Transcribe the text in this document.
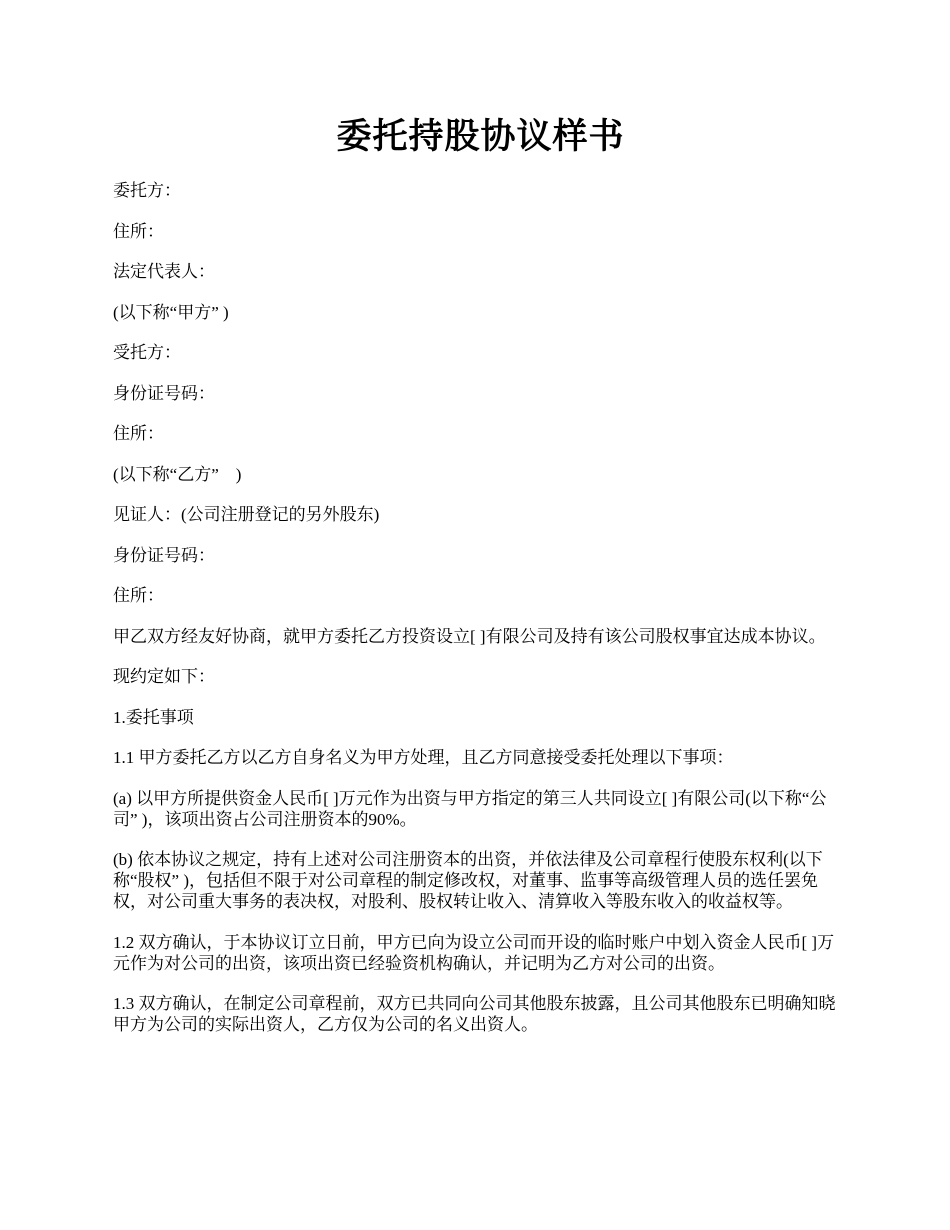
委托持股协议样书

委托方：

住所：

法定代表人：

(以下称“甲方” )

受托方：

身份证号码：

住所：

(以下称“乙方”    )

见证人：(公司注册登记的另外股东)

身份证号码：

住所：

甲乙双方经友好协商，就甲方委托乙方投资设立[ ]有限公司及持有该公司股权事宜达成本协议。

现约定如下：

1.委托事项

1.1 甲方委托乙方以乙方自身名义为甲方处理，且乙方同意接受委托处理以下事项：

(a) 以甲方所提供资金人民币[ ]万元作为出资与甲方指定的第三人共同设立[ ]有限公司(以下称“公司” )，该项出资占公司注册资本的90%。

(b) 依本协议之规定，持有上述对公司注册资本的出资，并依法律及公司章程行使股东权利(以下称“股权” )，包括但不限于对公司章程的制定修改权，对董事、监事等高级管理人员的选任罢免权，对公司重大事务的表决权，对股利、股权转让收入、清算收入等股东收入的收益权等。

1.2 双方确认，于本协议订立日前，甲方已向为设立公司而开设的临时账户中划入资金人民币[ ]万元作为对公司的出资，该项出资已经验资机构确认，并记明为乙方对公司的出资。

1.3 双方确认，在制定公司章程前，双方已共同向公司其他股东披露，且公司其他股东已明确知晓甲方为公司的实际出资人，乙方仅为公司的名义出资人。
